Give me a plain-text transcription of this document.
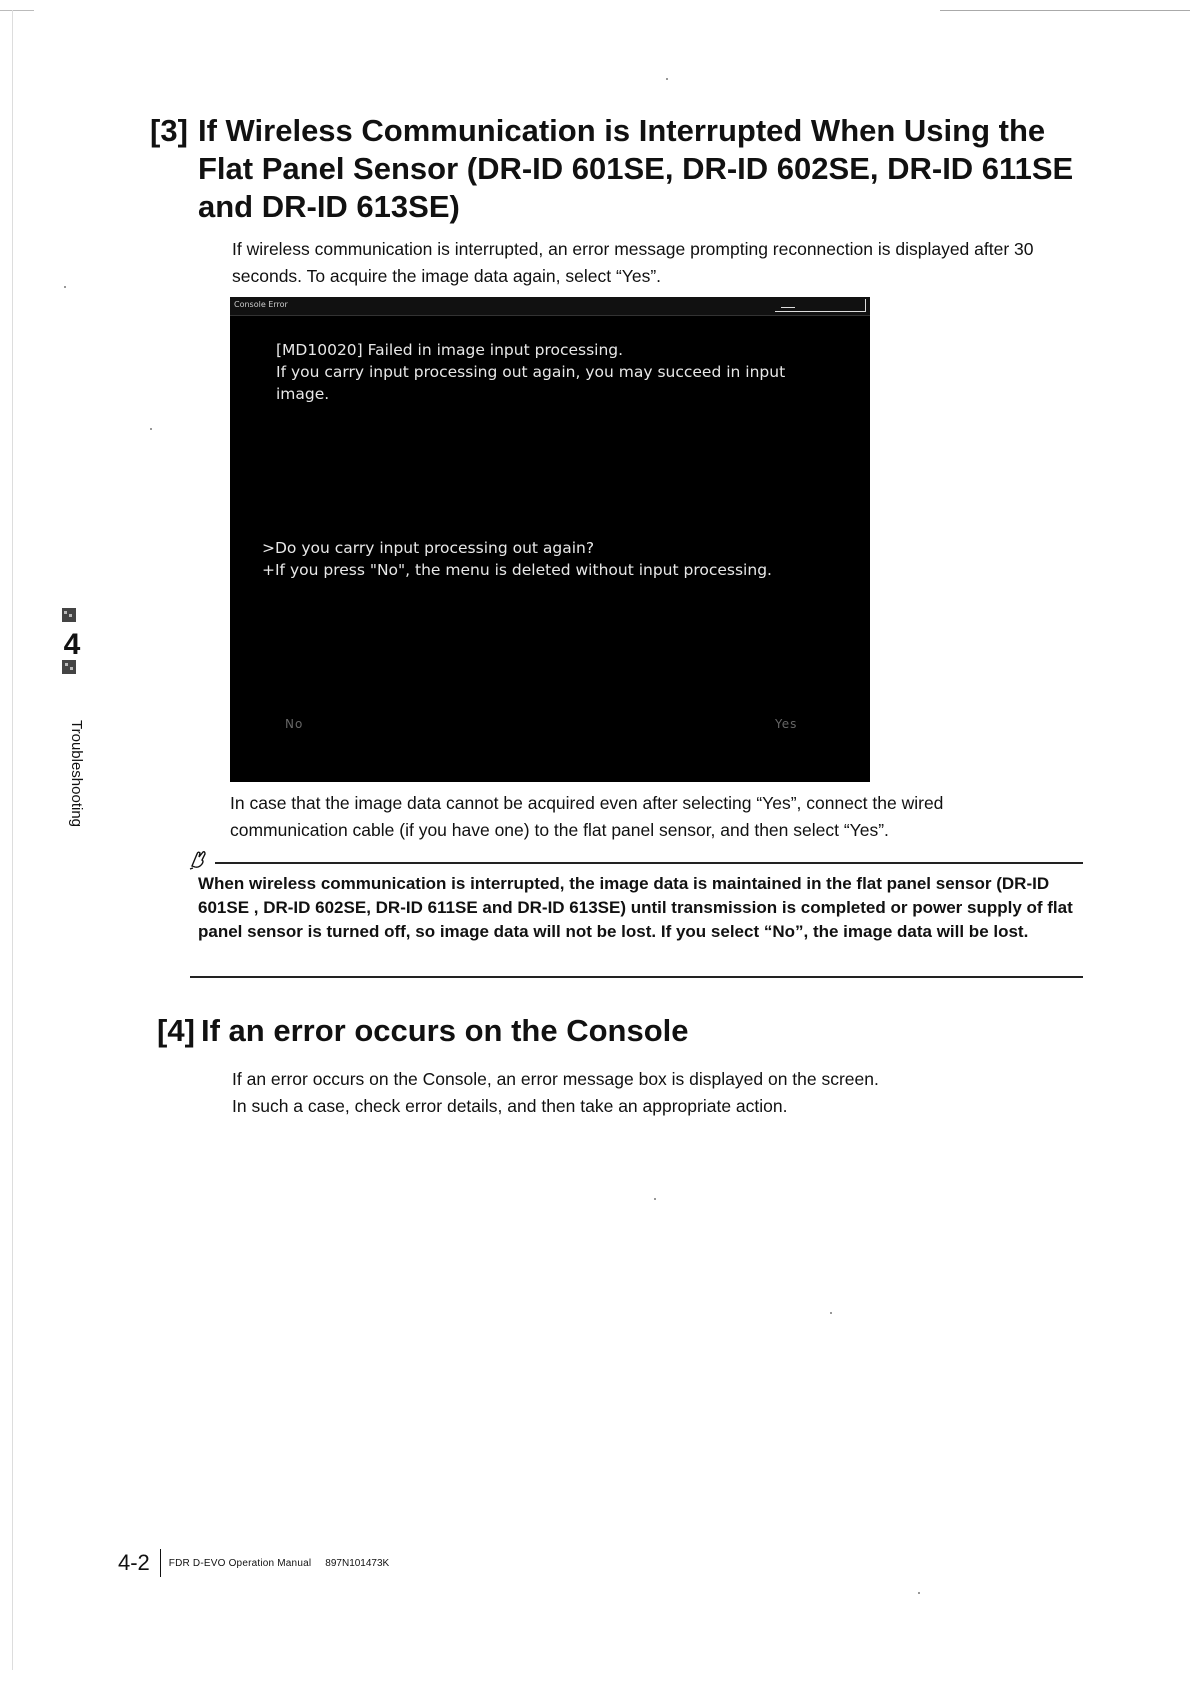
[3] If Wireless Communication is Interrupted When Using the Flat Panel Sensor (DR-ID 601SE, DR-ID 602SE, DR-ID 611SE and DR-ID 613SE)
If wireless communication is interrupted, an error message prompting reconnection is displayed after 30 seconds. To acquire the image data again, select “Yes”.
Console Error
[MD10020] Failed in image input processing.
If you carry input processing out again, you may succeed in input image.
>Do you carry input processing out again?
+If you press "No", the menu is deleted without input processing.
No	Yes
In case that the image data cannot be acquired even after selecting “Yes”, connect the wired communication cable (if you have one) to the flat panel sensor, and then select “Yes”.
When wireless communication is interrupted, the image data is maintained in the flat panel sensor (DR-ID 601SE , DR-ID 602SE, DR-ID 611SE and DR-ID 613SE) until transmission is completed or power supply of flat panel sensor is turned off, so image data will not be lost. If you select “No”, the image data will be lost.
[4] If an error occurs on the Console
If an error occurs on the Console, an error message box is displayed on the screen.
In such a case, check error details, and then take an appropriate action.
4
Troubleshooting
4-2 FDR D-EVO Operation Manual 897N101473K
